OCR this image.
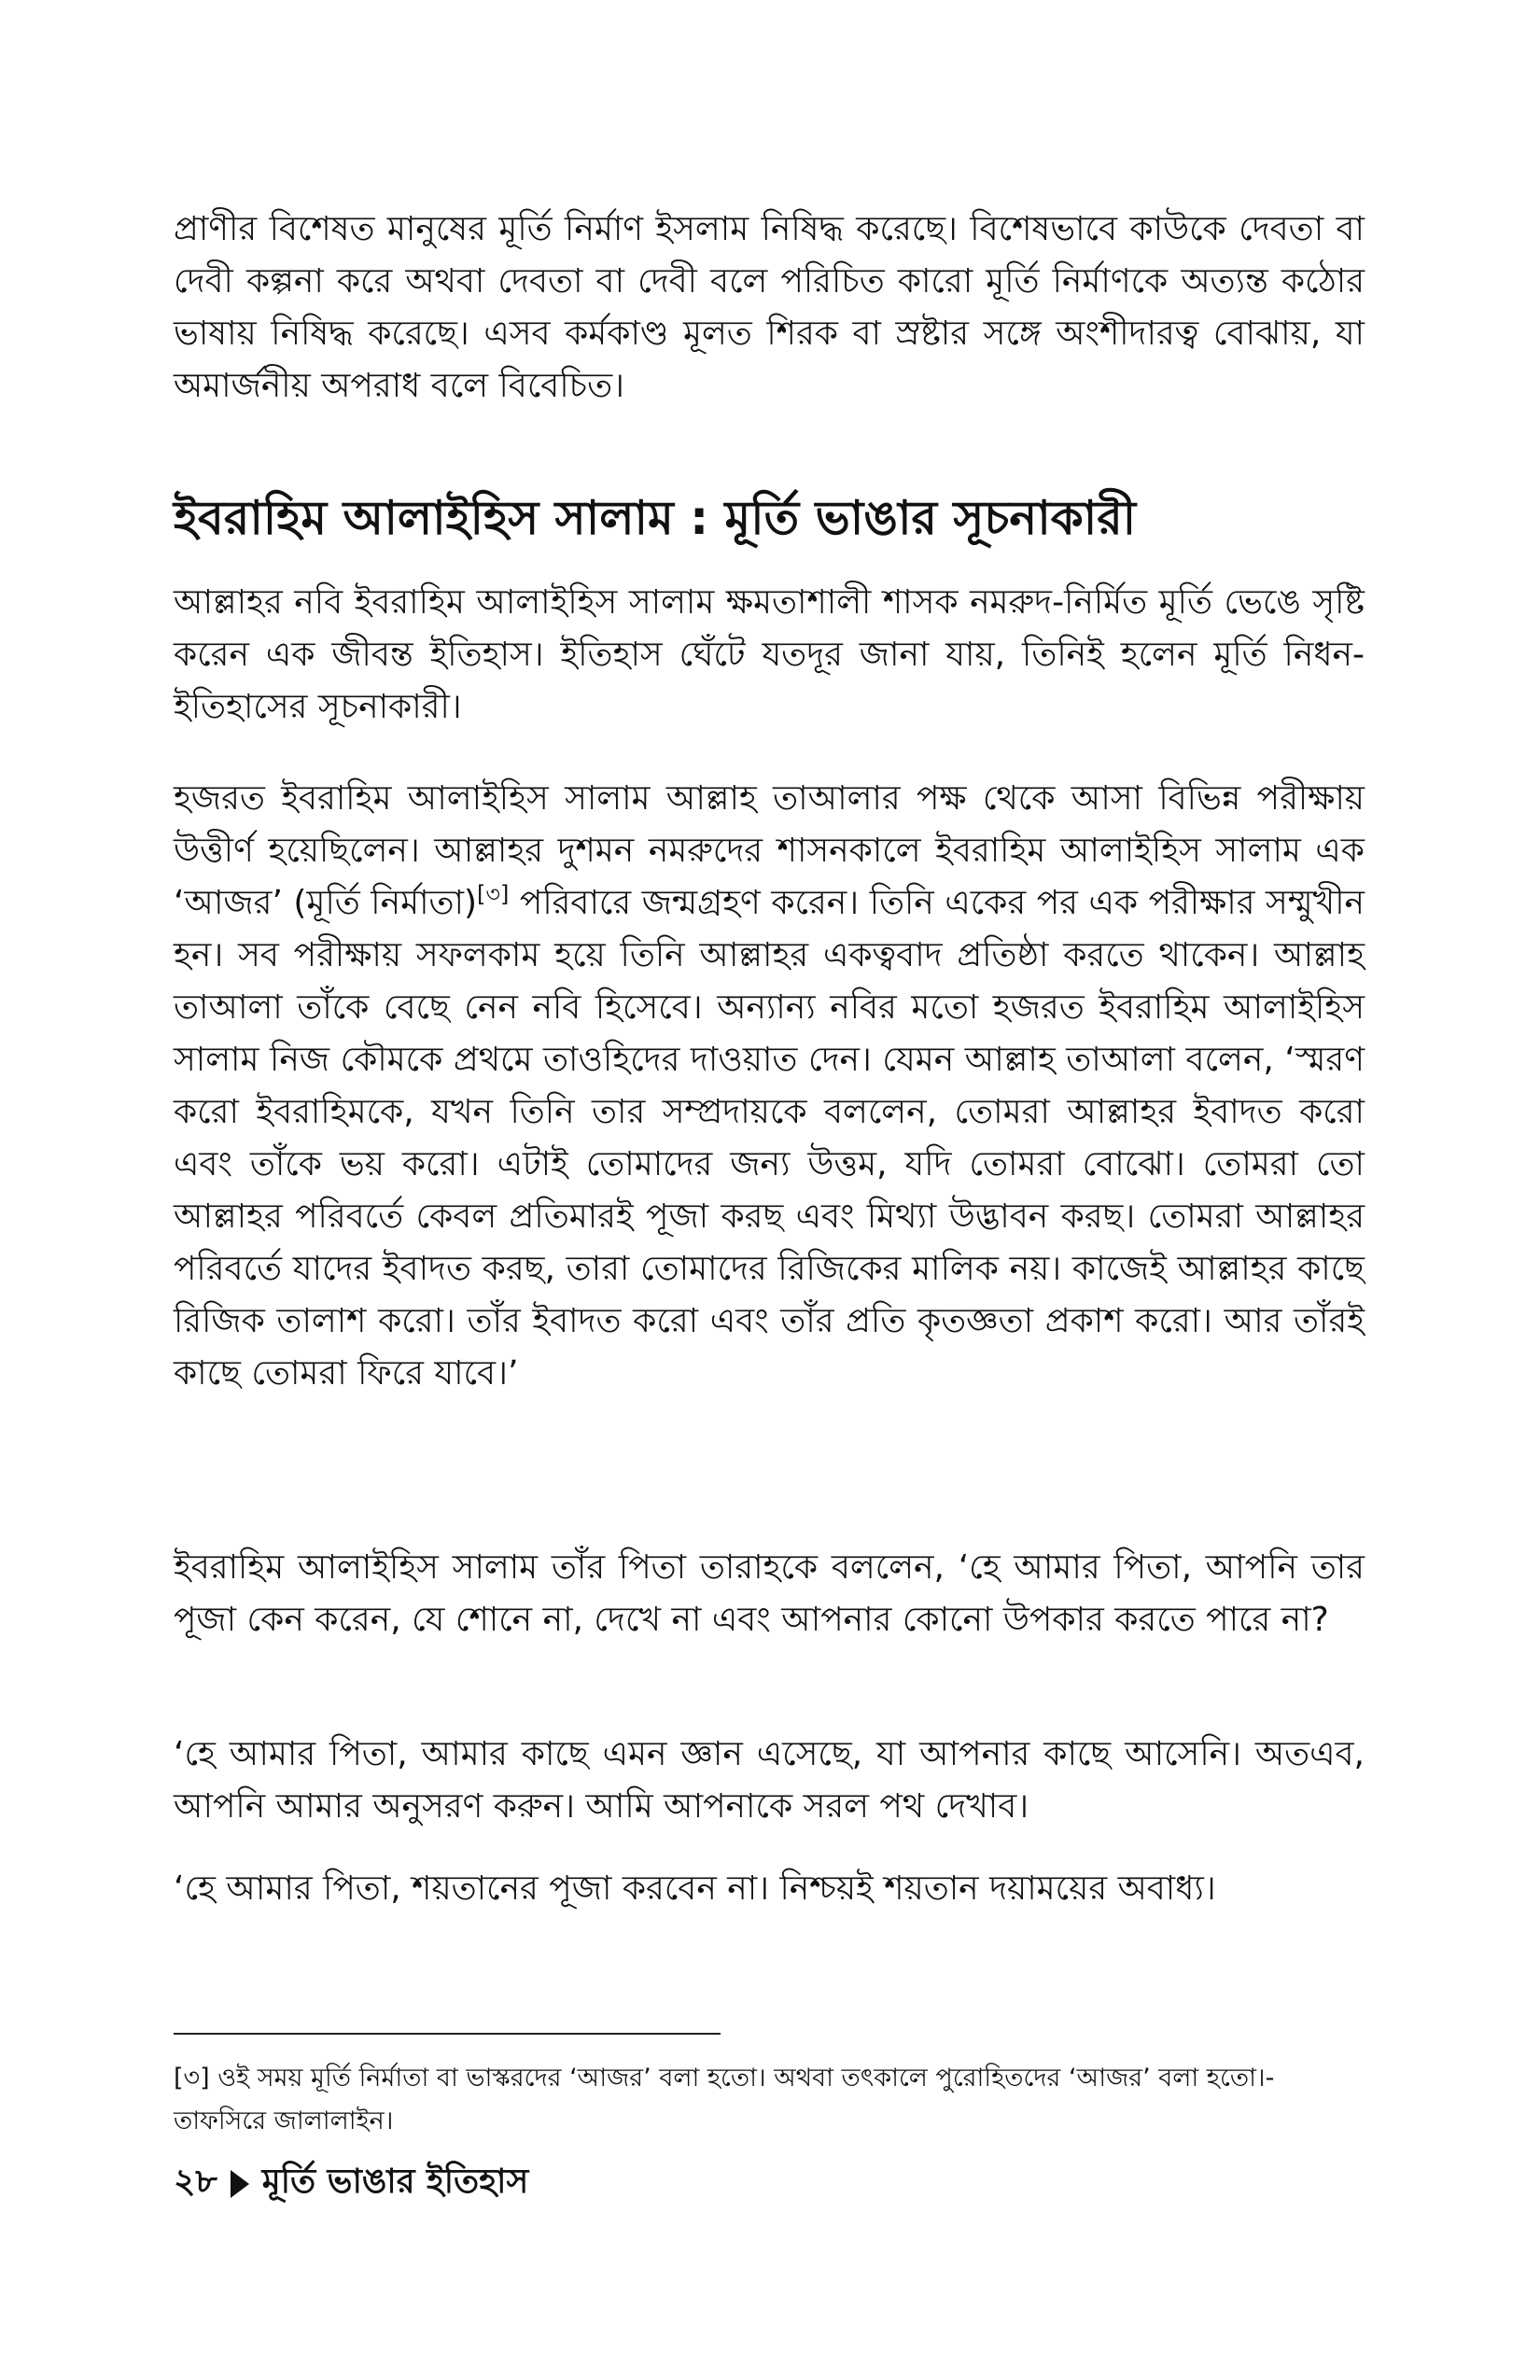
প্রাণীর বিশেষত মানুষের মূর্তি নির্মাণ ইসলাম নিষিদ্ধ করেছে। বিশেষভাবে কাউকে দেবতা বা দেবী কল্পনা করে অথবা দেবতা বা দেবী বলে পরিচিত কারো মূর্তি নির্মাণকে অত্যন্ত কঠোর ভাষায় নিষিদ্ধ করেছে। এসব কর্মকাণ্ড মূলত শিরক বা স্রষ্টার সঙ্গে অংশীদারত্ব বোঝায়, যা অমার্জনীয় অপরাধ বলে বিবেচিত।

ইবরাহিম আলাইহিস সালাম : মূর্তি ভাঙার সূচনাকারী

আল্লাহর নবি ইবরাহিম আলাইহিস সালাম ক্ষমতাশালী শাসক নমরুদ-নির্মিত মূর্তি ভেঙে সৃষ্টি করেন এক জীবন্ত ইতিহাস। ইতিহাস ঘেঁটে যতদূর জানা যায়, তিনিই হলেন মূর্তি নিধন-ইতিহাসের সূচনাকারী।

হজরত ইবরাহিম আলাইহিস সালাম আল্লাহ তাআলার পক্ষ থেকে আসা বিভিন্ন পরীক্ষায় উত্তীর্ণ হয়েছিলেন। আল্লাহর দুশমন নমরুদের শাসনকালে ইবরাহিম আলাইহিস সালাম এক ‘আজর’ (মূর্তি নির্মাতা)[৩] পরিবারে জন্মগ্রহণ করেন। তিনি একের পর এক পরীক্ষার সম্মুখীন হন। সব পরীক্ষায় সফলকাম হয়ে তিনি আল্লাহর একত্ববাদ প্রতিষ্ঠা করতে থাকেন। আল্লাহ তাআলা তাঁকে বেছে নেন নবি হিসেবে। অন্যান্য নবির মতো হজরত ইবরাহিম আলাইহিস সালাম নিজ কৌমকে প্রথমে তাওহিদের দাওয়াত দেন। যেমন আল্লাহ তাআলা বলেন, ‘স্মরণ করো ইবরাহিমকে, যখন তিনি তার সম্প্রদায়কে বললেন, তোমরা আল্লাহর ইবাদত করো এবং তাঁকে ভয় করো। এটাই তোমাদের জন্য উত্তম, যদি তোমরা বোঝো। তোমরা তো আল্লাহর পরিবর্তে কেবল প্রতিমারই পূজা করছ এবং মিথ্যা উদ্ভাবন করছ। তোমরা আল্লাহর পরিবর্তে যাদের ইবাদত করছ, তারা তোমাদের রিজিকের মালিক নয়। কাজেই আল্লাহর কাছে রিজিক তালাশ করো। তাঁর ইবাদত করো এবং তাঁর প্রতি কৃতজ্ঞতা প্রকাশ করো। আর তাঁরই কাছে তোমরা ফিরে যাবে।’

ইবরাহিম আলাইহিস সালাম তাঁর পিতা তারাহকে বললেন, ‘হে আমার পিতা, আপনি তার পূজা কেন করেন, যে শোনে না, দেখে না এবং আপনার কোনো উপকার করতে পারে না?

‘হে আমার পিতা, আমার কাছে এমন জ্ঞান এসেছে, যা আপনার কাছে আসেনি। অতএব, আপনি আমার অনুসরণ করুন। আমি আপনাকে সরল পথ দেখাব।

‘হে আমার পিতা, শয়তানের পূজা করবেন না। নিশ্চয়ই শয়তান দয়াময়ের অবাধ্য।

[৩] ওই সময় মূর্তি নির্মাতা বা ভাস্করদের ‘আজর’ বলা হতো। অথবা তৎকালে পুরোহিতদের ‘আজর’ বলা হতো।-তাফসিরে জালালাইন।

২৮ মূর্তি ভাঙার ইতিহাস
